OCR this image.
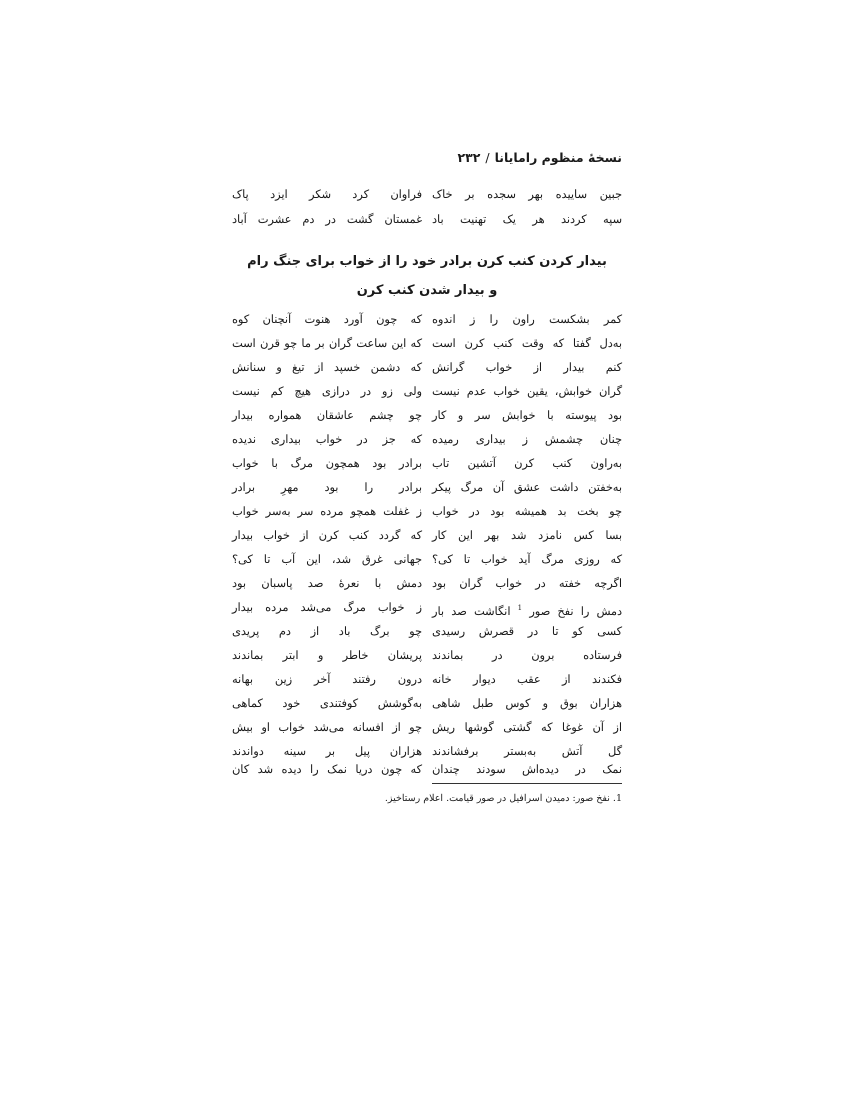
نسخهٔ منظوم رامایانا/۲۳۲
جبین ساییده بهر سجده بر خاک
فراوان کرد شکر ایزد پاک
سپه کردند هر یک تهنیت باد
غمستان گشت در دم عشرت آباد
بیدار کردن کنب کرن برادر خود را از خواب برای جنگ رام
و بیدار شدن کنب کرن
کمر بشکست راون را ز اندوه
که چون آورد هنوت آنچنان کوه
به‌دل گفتا که وقت کنب کرن است
که این ساعت گران بر ما چو قرن است
کنم بیدار از خواب گرانش
که دشمن خسپد از تیغ و سنانش
گران خوابش، یقین خواب عدم نیست
ولی زو در درازی هیچ کم نیست
بود پیوسته با خوابش سر و کار
چو چشم عاشقان همواره بیدار
چنان چشمش ز بیداری رمیده
که جز در خواب بیداری ندیده
به‌راون کنب کرن آتشین تاب
برادر بود همچون مرگ با خواب
به‌خفتن داشت عشق آن مرگ پیکر
برادر را بود مهرِ برادر
چو بخت بد همیشه بود در خواب
ز غفلت همچو مرده سر به‌سر خواب
بسا کس نامزد شد بهر این کار
که گردد کنب کرن از خواب بیدار
که روزی مرگ آید خواب تا کی؟
جهانی غرق شد، این آب تا کی؟
اگرچه خفته در خواب گران بود
دمش با نعرهٔ صد پاسبان بود
دمش را نفخ صور $^1$ انگاشت صد بار
ز خواب مرگ می‌شد مرده بیدار
کسی کو تا در قصرش رسیدی
چو برگ باد از دم پریدی
فرستاده برون در بماندند
پریشان خاطر و ابتر بماندند
فکندند از عقب دیوار خانه
درون رفتند آخر زین بهانه
هزاران بوق و کوس طبل شاهی
به‌گوشش کوفتندی خود کماهی
از آن غوغا که گشتی گوشها ریش
چو از افسانه می‌شد خواب او بیش
گل آتش به‌بستر برفشاندند
هزاران پیل بر سینه دواندند
نمک در دیده‌اش سودند چندان
که چون دریا نمک را دیده شد کان
1. نفخ صور: دمیدن اسرافیل در صور قیامت. اعلام رستاخیز.
